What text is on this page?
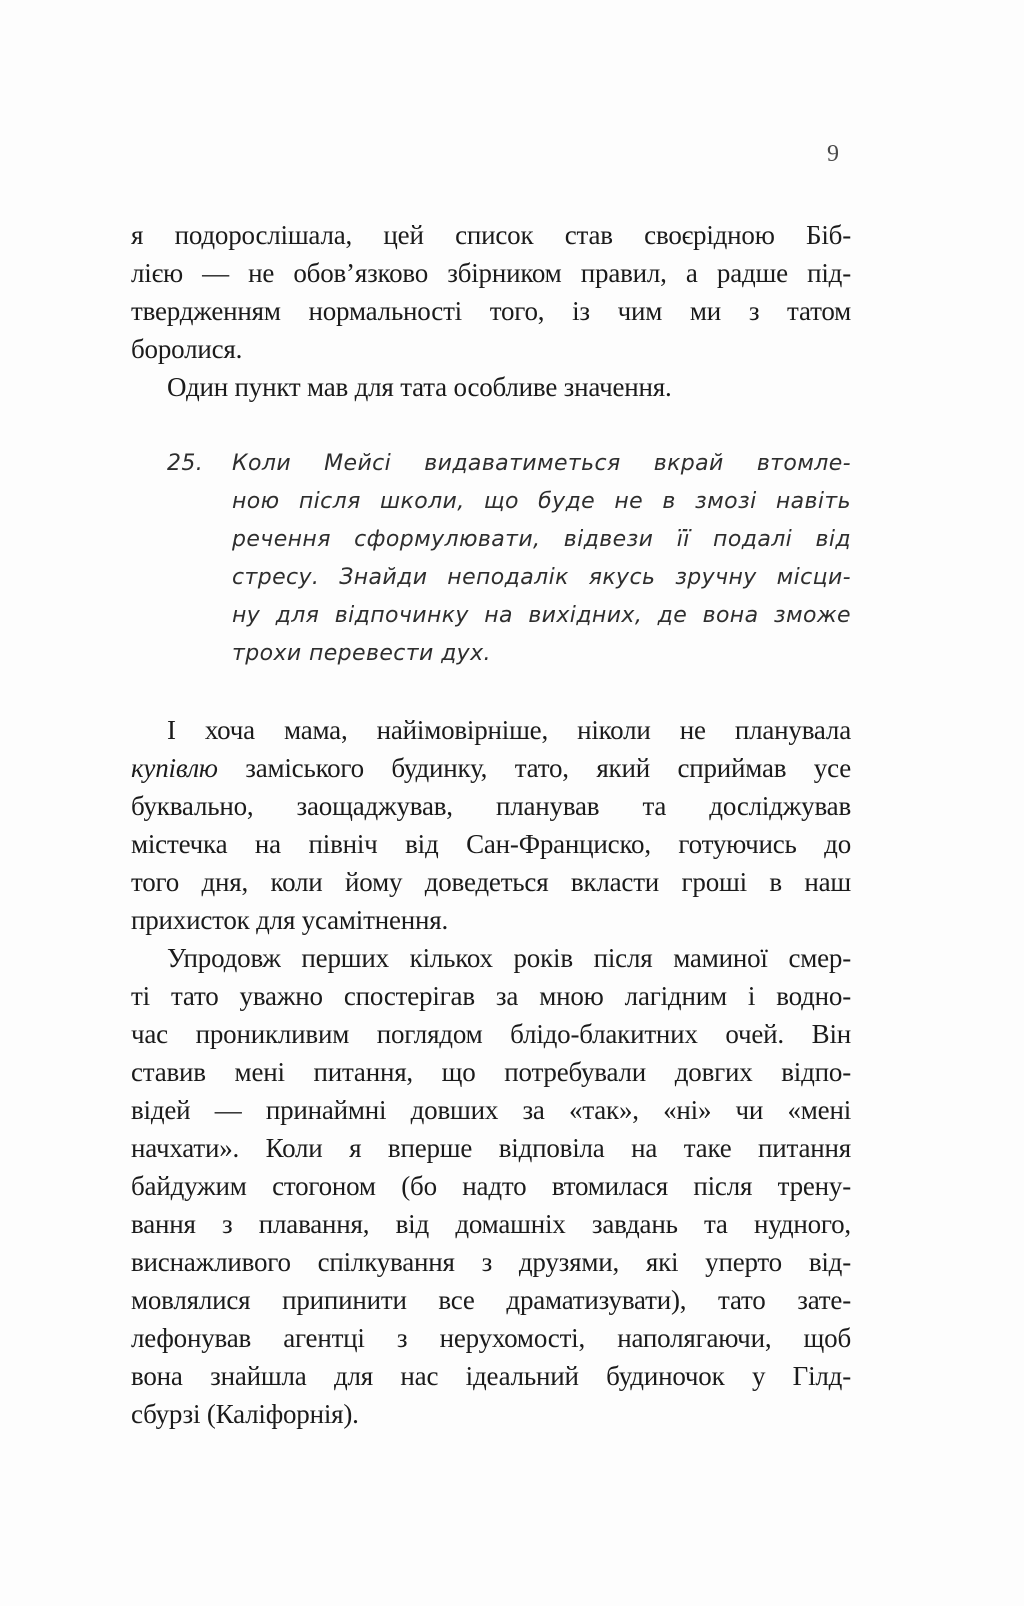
9

я подорослішала, цей список став своєрідною Біб-
лією — не обов’язково збірником правил, а радше під-
твердженням нормальності того, із чим ми з татом
боролися.

Один пункт мав для тата особливе значення.

25.	Коли Мейсі видаватиметься вкрай втомле-
ною після школи, що буде не в змозі навіть
речення сформулювати, відвези її подалі від
стресу. Знайди неподалік якусь зручну місци-
ну для відпочинку на вихідних, де вона зможе
трохи перевести дух.

І хоча мама, найімовірніше, ніколи не планувала
купівлю заміського будинку, тато, який сприймав усе
буквально, заощаджував, планував та досліджував
містечка на північ від Сан-Франциско, готуючись до
того дня, коли йому доведеться вкласти гроші в наш
прихисток для усамітнення.

Упродовж перших кількох років після маминої смер-
ті тато уважно спостерігав за мною лагідним і водно-
час проникливим поглядом блідо-блакитних очей. Він
ставив мені питання, що потребували довгих відпо-
відей — принаймні довших за «так», «ні» чи «мені
начхати». Коли я вперше відповіла на таке питання
байдужим стогоном (бо надто втомилася після трену-
вання з плавання, від домашніх завдань та нудного,
виснажливого спілкування з друзями, які уперто від-
мовлялися припинити все драматизувати), тато зате-
лефонував агентці з нерухомості, наполягаючи, щоб
вона знайшла для нас ідеальний будиночок у Гілд-
сбурзі (Каліфорнія).
